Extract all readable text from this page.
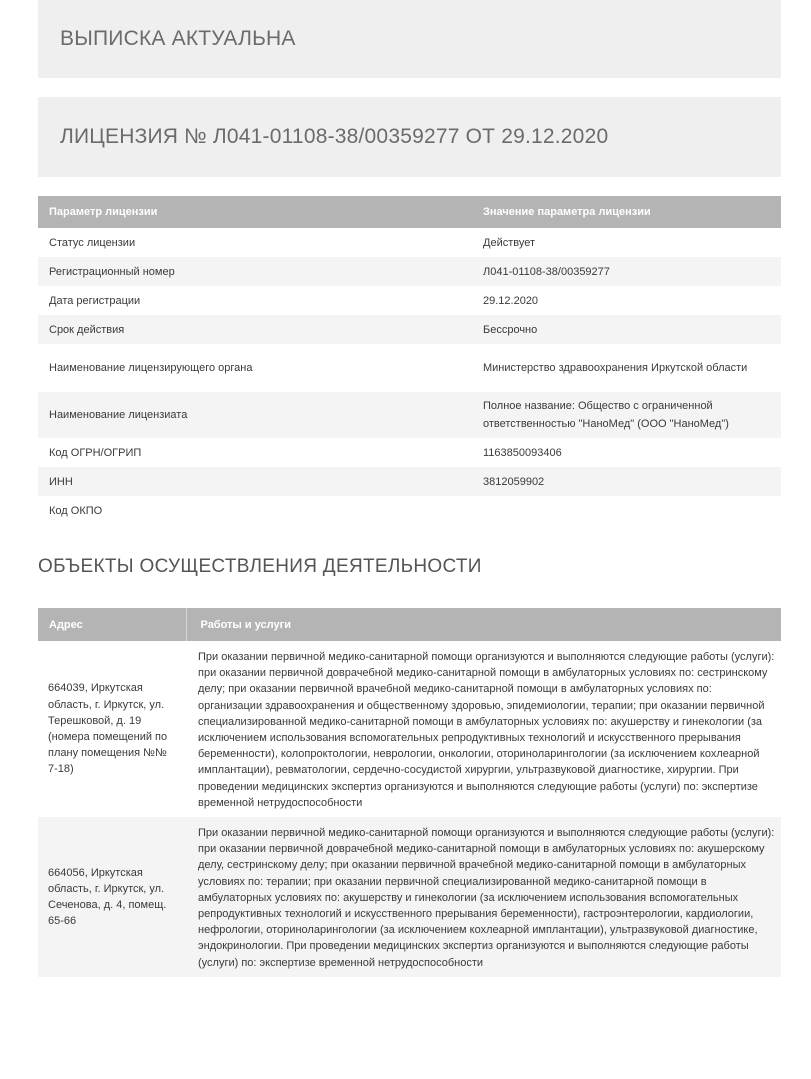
ВЫПИСКА АКТУАЛЬНА
ЛИЦЕНЗИЯ № Л041-01108-38/00359277 ОТ 29.12.2020
Параметр лицензии	Значение параметра лицензии
Статус лицензии	Действует
Регистрационный номер	Л041-01108-38/00359277
Дата регистрации	29.12.2020
Срок действия	Бессрочно
Наименование лицензирующего органа	Министерство здравоохранения Иркутской области
Наименование лицензиата	Полное название: Общество с ограниченной ответственностью "НаноМед" (ООО "НаноМед")
Код ОГРН/ОГРИП	1163850093406
ИНН	3812059902
Код ОКПО	
ОБЪЕКТЫ ОСУЩЕСТВЛЕНИЯ ДЕЯТЕЛЬНОСТИ
Адрес	Работы и услуги
664039, Иркутская область, г. Иркутск, ул. Терешковой, д. 19 (номера помещений по плану помещения №№ 7-18)	При оказании первичной медико-санитарной помощи организуются и выполняются следующие работы (услуги): при оказании первичной доврачебной медико-санитарной помощи в амбулаторных условиях по: сестринскому делу; при оказании первичной врачебной медико-санитарной помощи в амбулаторных условиях по: организации здравоохранения и общественному здоровью, эпидемиологии, терапии; при оказании первичной специализированной медико-санитарной помощи в амбулаторных условиях по: акушерству и гинекологии (за исключением использования вспомогательных репродуктивных технологий и искусственного прерывания беременности), колопроктологии, неврологии, онкологии, оториноларингологии (за исключением кохлеарной имплантации), ревматологии, сердечно-сосудистой хирургии, ультразвуковой диагностике, хирургии. При проведении медицинских экспертиз организуются и выполняются следующие работы (услуги) по: экспертизе временной нетрудоспособности
664056, Иркутская область, г. Иркутск, ул. Сеченова, д. 4, помещ. 65-66	При оказании первичной медико-санитарной помощи организуются и выполняются следующие работы (услуги): при оказании первичной доврачебной медико-санитарной помощи в амбулаторных условиях по: акушерскому делу, сестринскому делу; при оказании первичной врачебной медико-санитарной помощи в амбулаторных условиях по: терапии; при оказании первичной специализированной медико-санитарной помощи в амбулаторных условиях по: акушерству и гинекологии (за исключением использования вспомогательных репродуктивных технологий и искусственного прерывания беременности), гастроэнтерологии, кардиологии, нефрологии, оториноларингологии (за исключением кохлеарной имплантации), ультразвуковой диагностике, эндокринологии. При проведении медицинских экспертиз организуются и выполняются следующие работы (услуги) по: экспертизе временной нетрудоспособности
